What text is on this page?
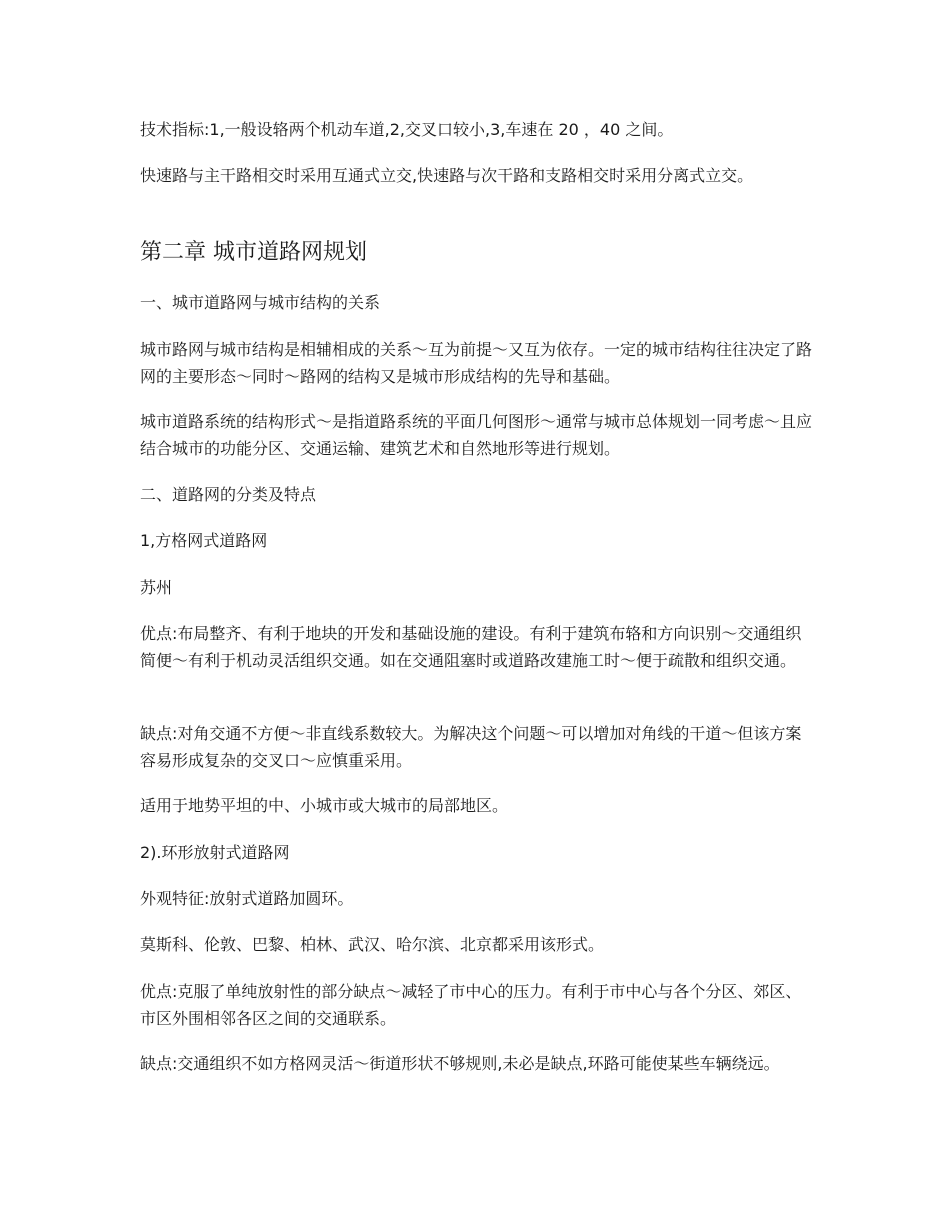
技术指标:1,一般设辂两个机动车道,2,交叉口较小,3,车速在 20 ，40 之间。

快速路与主干路相交时采用互通式立交,快速路与次干路和支路相交时采用分离式立交。

第二章 城市道路网规划

一、城市道路网与城市结构的关系

城市路网与城市结构是相辅相成的关系～互为前提～又互为依存。一定的城市结构往往决定了路网的主要形态～同时～路网的结构又是城市形成结构的先导和基础。

城市道路系统的结构形式～是指道路系统的平面几何图形～通常与城市总体规划一同考虑～且应结合城市的功能分区、交通运输、建筑艺术和自然地形等进行规划。

二、道路网的分类及特点

1,方格网式道路网

苏州

优点:布局整齐、有利于地块的开发和基础设施的建设。有利于建筑布辂和方向识别～交通组织简便～有利于机动灵活组织交通。如在交通阻塞时或道路改建施工时～便于疏散和组织交通。

缺点:对角交通不方便～非直线系数较大。为解决这个问题～可以增加对角线的干道～但该方案容易形成复杂的交叉口～应慎重采用。

适用于地势平坦的中、小城市或大城市的局部地区。

2).环形放射式道路网

外观特征:放射式道路加圆环。

莫斯科、伦敦、巴黎、柏林、武汉、哈尔滨、北京都采用该形式。

优点:克服了单纯放射性的部分缺点～减轻了市中心的压力。有利于市中心与各个分区、郊区、市区外围相邻各区之间的交通联系。

缺点:交通组织不如方格网灵活～街道形状不够规则,未必是缺点,环路可能使某些车辆绕远。
